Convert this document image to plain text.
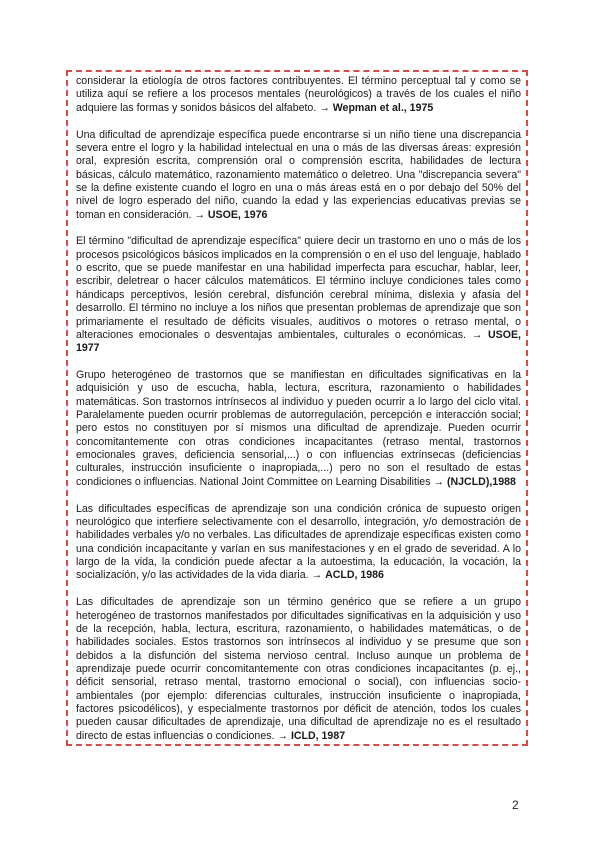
considerar la etiología de otros factores contribuyentes. El término perceptual tal y como se utiliza aquí se refiere a los procesos mentales (neurológicos) a través de los cuales el niño adquiere las formas y sonidos básicos del alfabeto. → Wepman et al., 1975

Una dificultad de aprendizaje específica puede encontrarse si un niño tiene una discrepancia severa entre el logro y la habilidad intelectual en una o más de las diversas áreas: expresión oral, expresión escrita, comprensión oral o comprensión escrita, habilidades de lectura básicas, cálculo matemático, razonamiento matemático o deletreo. Una "discrepancia severa" se la define existente cuando el logro en una o más áreas está en o por debajo del 50% del nivel de logro esperado del niño, cuando la edad y las experiencias educativas previas se toman en consideración. → USOE, 1976

El término "dificultad de aprendizaje específica" quiere decir un trastorno en uno o más de los procesos psicológicos básicos implicados en la comprensión o en el uso del lenguaje, hablado o escrito, que se puede manifestar en una habilidad imperfecta para escuchar, hablar, leer, escribir, deletrear o hacer cálculos matemáticos. El término incluye condiciones tales como hándicaps perceptivos, lesión cerebral, disfunción cerebral mínima, dislexia y afasia del desarrollo. El término no incluye a los niños que presentan problemas de aprendizaje que son primariamente el resultado de déficits visuales, auditivos o motores o retraso mental, o alteraciones emocionales o desventajas ambientales, culturales o económicas. → USOE, 1977

Grupo heterogéneo de trastornos que se manifiestan en dificultades significativas en la adquisición y uso de escucha, habla, lectura, escritura, razonamiento o habilidades matemáticas. Son trastornos intrínsecos al individuo y pueden ocurrir a lo largo del ciclo vital. Paralelamente pueden ocurrir problemas de autorregulación, percepción e interacción social; pero estos no constituyen por sí mismos una dificultad de aprendizaje. Pueden ocurrir concomitantemente con otras condiciones incapacitantes (retraso mental, trastornos emocionales graves, deficiencia sensorial,...) o con influencias extrínsecas (deficiencias culturales, instrucción insuficiente o inapropiada,...) pero no son el resultado de estas condiciones o influencias. National Joint Committee on Learning Disabilities → (NJCLD),1988

Las dificultades específicas de aprendizaje son una condición crónica de supuesto origen neurológico que interfiere selectivamente con el desarrollo, integración, y/o demostración de habilidades verbales y/o no verbales. Las dificultades de aprendizaje específicas existen como una condición incapacitante y varían en sus manifestaciones y en el grado de severidad. A lo largo de la vida, la condición puede afectar a la autoestima, la educación, la vocación, la socialización, y/o las actividades de la vida diaria. → ACLD, 1986

Las dificultades de aprendizaje son un término genérico que se refiere a un grupo heterogéneo de trastornos manifestados por dificultades significativas en la adquisición y uso de la recepción, habla, lectura, escritura, razonamiento, o habilidades matemáticas, o de habilidades sociales. Estos trastornos son intrínsecos al individuo y se presume que son debidos a la disfunción del sistema nervioso central. Incluso aunque un problema de aprendizaje puede ocurrir concomitantemente con otras condiciones incapacitantes (p. ej., déficit sensorial, retraso mental, trastorno emocional o social), con influencias socio-ambientales (por ejemplo: diferencias culturales, instrucción insuficiente o inapropiada, factores psicodélicos), y especialmente trastornos por déficit de atención, todos los cuales pueden causar dificultades de aprendizaje, una dificultad de aprendizaje no es el resultado directo de estas influencias o condiciones. → ICLD, 1987

2
